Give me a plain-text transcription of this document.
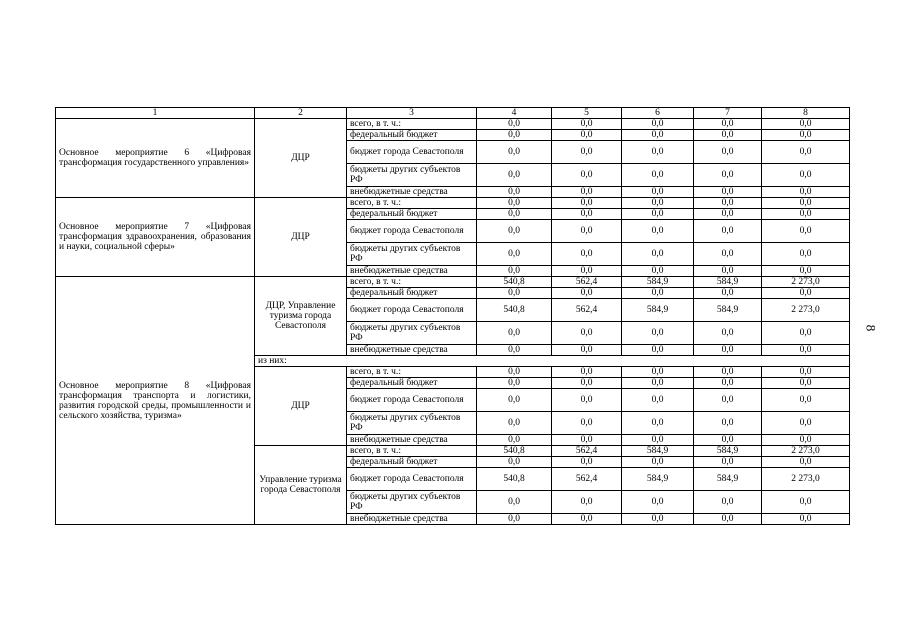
1	2	3	4	5	6	7	8
Основное мероприятие 6 «Цифровая трансформация государственного управления»	ДЦР	всего, в т. ч.:	0,0	0,0	0,0	0,0	0,0
		федеральный бюджет	0,0	0,0	0,0	0,0	0,0
		бюджет города Севастополя	0,0	0,0	0,0	0,0	0,0
		бюджеты других субъектов РФ	0,0	0,0	0,0	0,0	0,0
		внебюджетные средства	0,0	0,0	0,0	0,0	0,0
Основное мероприятие 7 «Цифровая трансформация здравоохранения, образования и науки, социальной сферы»	ДЦР	всего, в т. ч.:	0,0	0,0	0,0	0,0	0,0
		федеральный бюджет	0,0	0,0	0,0	0,0	0,0
		бюджет города Севастополя	0,0	0,0	0,0	0,0	0,0
		бюджеты других субъектов РФ	0,0	0,0	0,0	0,0	0,0
		внебюджетные средства	0,0	0,0	0,0	0,0	0,0
Основное мероприятие 8 «Цифровая трансформация транспорта и логистики, развития городской среды, промышленности и сельского хозяйства, туризма»	ДЦР, Управление туризма города Севастополя	всего, в т. ч.:	540,8	562,4	584,9	584,9	2 273,0
		федеральный бюджет	0,0	0,0	0,0	0,0	0,0
		бюджет города Севастополя	540,8	562,4	584,9	584,9	2 273,0
		бюджеты других субъектов РФ	0,0	0,0	0,0	0,0	0,0
		внебюджетные средства	0,0	0,0	0,0	0,0	0,0
	из них:						
	ДЦР	всего, в т. ч.:	0,0	0,0	0,0	0,0	0,0
		федеральный бюджет	0,0	0,0	0,0	0,0	0,0
		бюджет города Севастополя	0,0	0,0	0,0	0,0	0,0
		бюджеты других субъектов РФ	0,0	0,0	0,0	0,0	0,0
		внебюджетные средства	0,0	0,0	0,0	0,0	0,0
	Управление туризма города Севастополя	всего, в т. ч.:	540,8	562,4	584,9	584,9	2 273,0
		федеральный бюджет	0,0	0,0	0,0	0,0	0,0
		бюджет города Севастополя	540,8	562,4	584,9	584,9	2 273,0
		бюджеты других субъектов РФ	0,0	0,0	0,0	0,0	0,0
		внебюджетные средства	0,0	0,0	0,0	0,0	0,0
8
